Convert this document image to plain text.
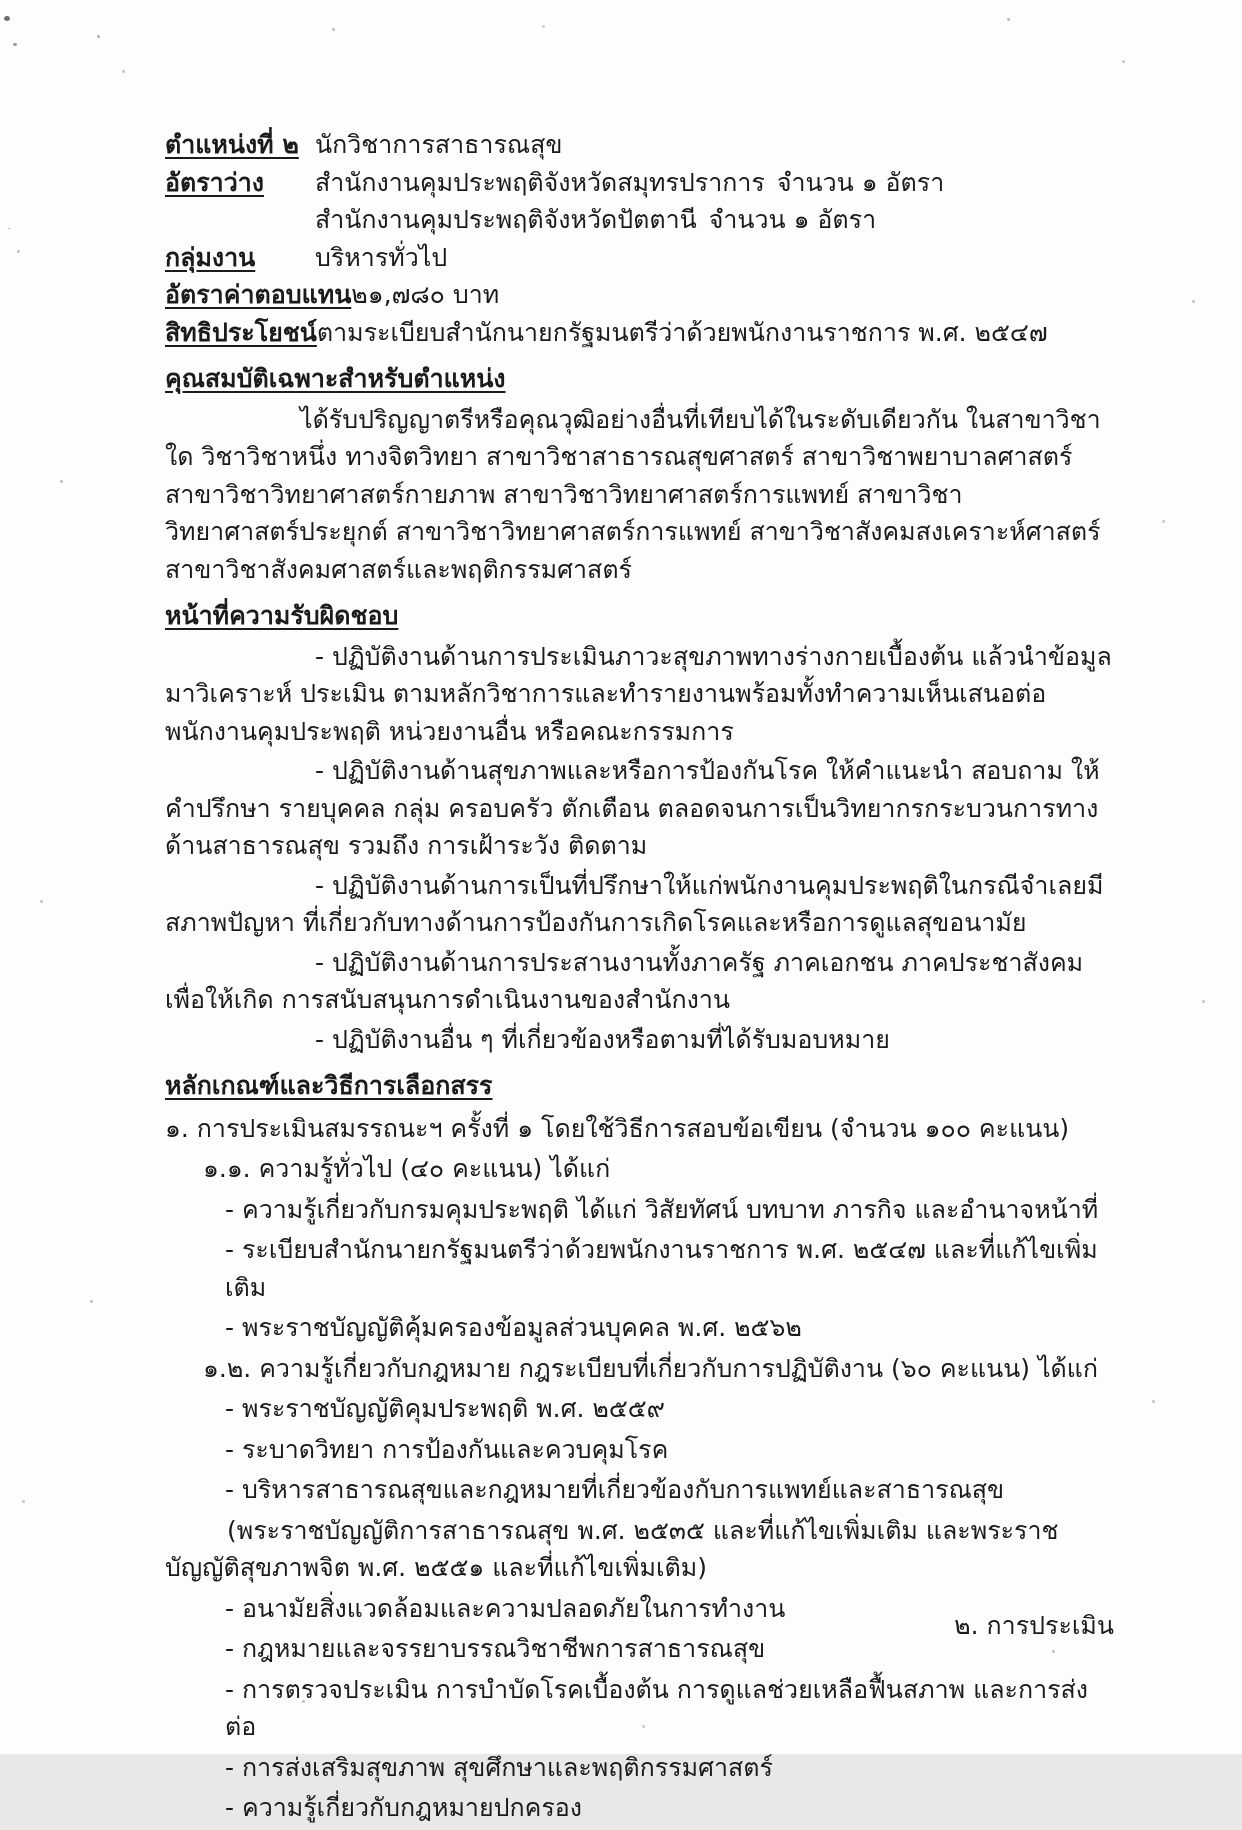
ตำแหน่งที่ ๒ นักวิชาการสาธารณสุข
อัตราว่าง	สำนักงานคุมประพฤติจังหวัดสมุทรปราการ จำนวน ๑ อัตรา
สำนักงานคุมประพฤติจังหวัดปัตตานี จำนวน ๑ อัตรา
กลุ่มงาน	บริหารทั่วไป
อัตราค่าตอบแทน ๒๑,๗๘๐ บาท
สิทธิประโยชน์ ตามระเบียบสำนักนายกรัฐมนตรีว่าด้วยพนักงานราชการ พ.ศ. ๒๕๔๗
คุณสมบัติเฉพาะสำหรับตำแหน่ง

ได้รับปริญญาตรีหรือคุณวุฒิอย่างอื่นที่เทียบได้ในระดับเดียวกัน ในสาขาวิชาใด วิชาวิชาหนึ่ง ทางจิตวิทยา สาขาวิชาสาธารณสุขศาสตร์ สาขาวิชาพยาบาลศาสตร์ สาขาวิชาวิทยาศาสตร์กายภาพ สาขาวิชาวิทยาศาสตร์การแพทย์ สาขาวิชาวิทยาศาสตร์ประยุกต์ สาขาวิชาวิทยาศาสตร์การแพทย์ สาขาวิชาสังคมสงเคราะห์ศาสตร์ สาขาวิชาสังคมศาสตร์และพฤติกรรมศาสตร์

หน้าที่ความรับผิดชอบ

- ปฏิบัติงานด้านการประเมินภาวะสุขภาพทางร่างกายเบื้องต้น แล้วนำข้อมูลมาวิเคราะห์ ประเมิน ตามหลักวิชาการและทำรายงานพร้อมทั้งทำความเห็นเสนอต่อพนักงานคุมประพฤติ หน่วยงานอื่น หรือคณะกรรมการ

- ปฏิบัติงานด้านสุขภาพและหรือการป้องกันโรค ให้คำแนะนำ สอบถาม ให้คำปรึกษา รายบุคคล กลุ่ม ครอบครัว ตักเตือน ตลอดจนการเป็นวิทยากรกระบวนการทางด้านสาธารณสุข รวมถึง การเฝ้าระวัง ติดตาม

- ปฏิบัติงานด้านการเป็นที่ปรึกษาให้แก่พนักงานคุมประพฤติในกรณีจำเลยมีสภาพปัญหา ที่เกี่ยวกับทางด้านการป้องกันการเกิดโรคและหรือการดูแลสุขอนามัย

- ปฏิบัติงานด้านการประสานงานทั้งภาครัฐ ภาคเอกชน ภาคประชาสังคม เพื่อให้เกิด การสนับสนุนการดำเนินงานของสำนักงาน

- ปฏิบัติงานอื่น ๆ ที่เกี่ยวข้องหรือตามที่ได้รับมอบหมาย

หลักเกณฑ์และวิธีการเลือกสรร
๑. การประเมินสมรรถนะฯ ครั้งที่ ๑ โดยใช้วิธีการสอบข้อเขียน (จำนวน ๑๐๐ คะแนน)
๑.๑. ความรู้ทั่วไป (๔๐ คะแนน) ได้แก่
- ความรู้เกี่ยวกับกรมคุมประพฤติ ได้แก่ วิสัยทัศน์ บทบาท ภารกิจ และอำนาจหน้าที่
- ระเบียบสำนักนายกรัฐมนตรีว่าด้วยพนักงานราชการ พ.ศ. ๒๕๔๗ และที่แก้ไขเพิ่มเติม
- พระราชบัญญัติคุ้มครองข้อมูลส่วนบุคคล พ.ศ. ๒๕๖๒
๑.๒. ความรู้เกี่ยวกับกฎหมาย กฎระเบียบที่เกี่ยวกับการปฏิบัติงาน (๖๐ คะแนน) ได้แก่
- พระราชบัญญัติคุมประพฤติ พ.ศ. ๒๕๕๙
- ระบาดวิทยา การป้องกันและควบคุมโรค
- บริหารสาธารณสุขและกฎหมายที่เกี่ยวข้องกับการแพทย์และสาธารณสุข

(พระราชบัญญัติการสาธารณสุข พ.ศ. ๒๕๓๕ และที่แก้ไขเพิ่มเติม และพระราชบัญญัติสุขภาพจิต พ.ศ. ๒๕๕๑ และที่แก้ไขเพิ่มเติม)

- อนามัยสิ่งแวดล้อมและความปลอดภัยในการทำงาน
- กฎหมายและจรรยาบรรณวิชาชีพการสาธารณสุข
- การตรวจประเมิน การบำบัดโรคเบื้องต้น การดูแลช่วยเหลือฟื้นสภาพ และการส่งต่อ
- การส่งเสริมสุขภาพ สุขศึกษาและพฤติกรรมศาสตร์
- ความรู้เกี่ยวกับกฎหมายปกครอง
๒. การประเมิน
